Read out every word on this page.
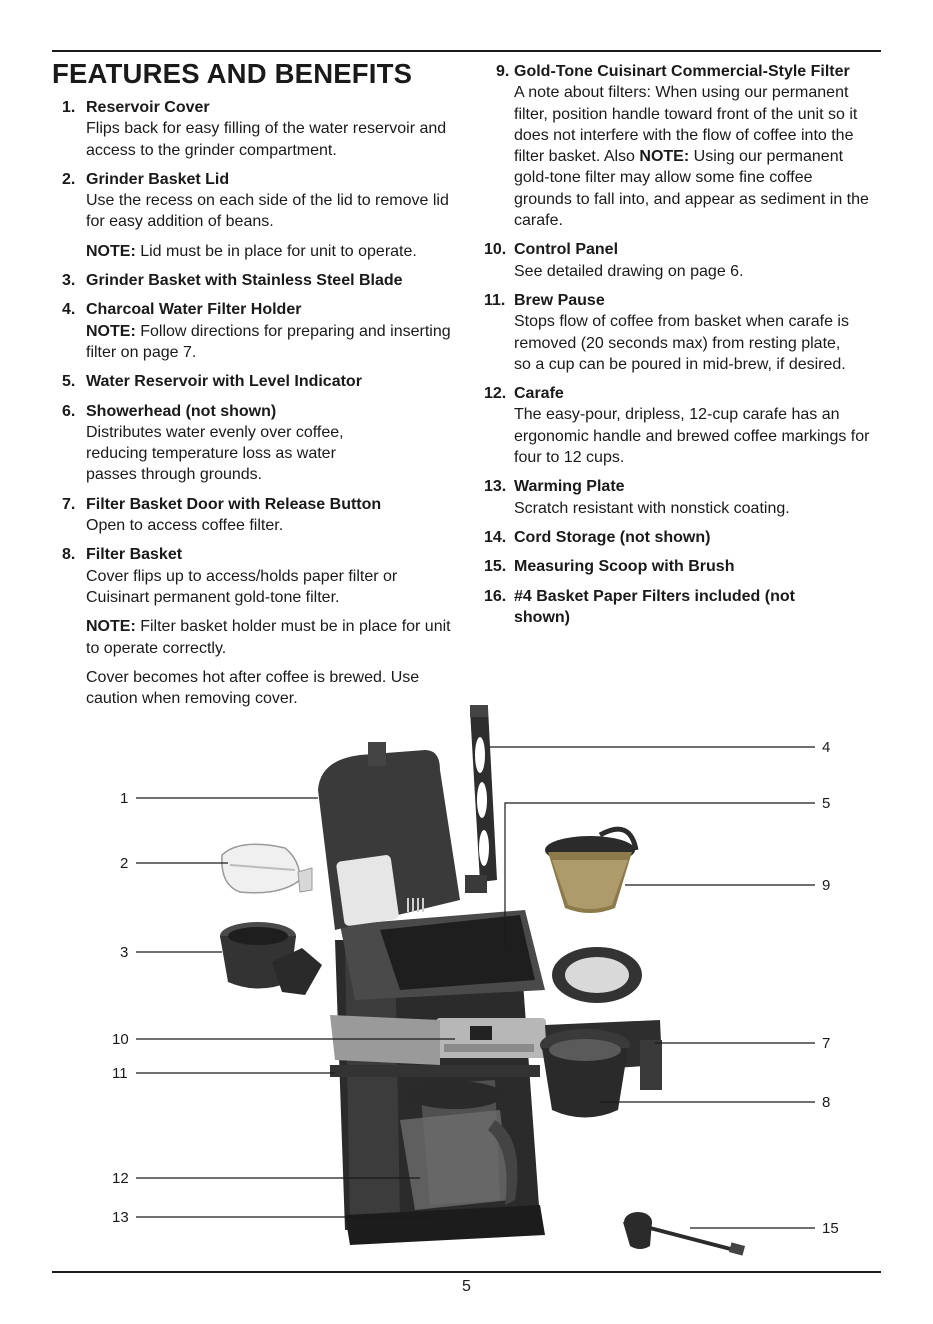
FEATURES AND BENEFITS
1. Reservoir Cover
Flips back for easy filling of the water reservoir and access to the grinder compartment.
2. Grinder Basket Lid
Use the recess on each side of the lid to remove lid for easy addition of beans.
NOTE: Lid must be in place for unit to operate.
3. Grinder Basket with Stainless Steel Blade
4. Charcoal Water Filter Holder
NOTE: Follow directions for preparing and inserting filter on page 7.
5. Water Reservoir with Level Indicator
6. Showerhead (not shown)
Distributes water evenly over coffee, reducing temperature loss as water passes through grounds.
7. Filter Basket Door with Release Button
Open to access coffee filter.
8. Filter Basket
Cover flips up to access/holds paper filter or Cuisinart permanent gold-tone filter.
NOTE: Filter basket holder must be in place for unit to operate correctly.
Cover becomes hot after coffee is brewed. Use caution when removing cover.
9. Gold-Tone Cuisinart Commercial-Style Filter
A note about filters: When using our permanent filter, position handle toward front of the unit so it does not interfere with the flow of coffee into the filter basket. Also NOTE: Using our permanent gold-tone filter may allow some fine coffee grounds to fall into, and appear as sediment in the carafe.
10. Control Panel
See detailed drawing on page 6.
11. Brew Pause
Stops flow of coffee from basket when carafe is removed (20 seconds max) from resting plate, so a cup can be poured in mid-brew, if desired.
12. Carafe
The easy-pour, dripless, 12-cup carafe has an ergonomic handle and brewed coffee markings for four to 12 cups.
13. Warming Plate
Scratch resistant with nonstick coating.
14. Cord Storage (not shown)
15. Measuring Scoop with Brush
16. #4 Basket Paper Filters included (not shown)
1
2
3
4
5
9
10
11
7
8
12
13
15
5
